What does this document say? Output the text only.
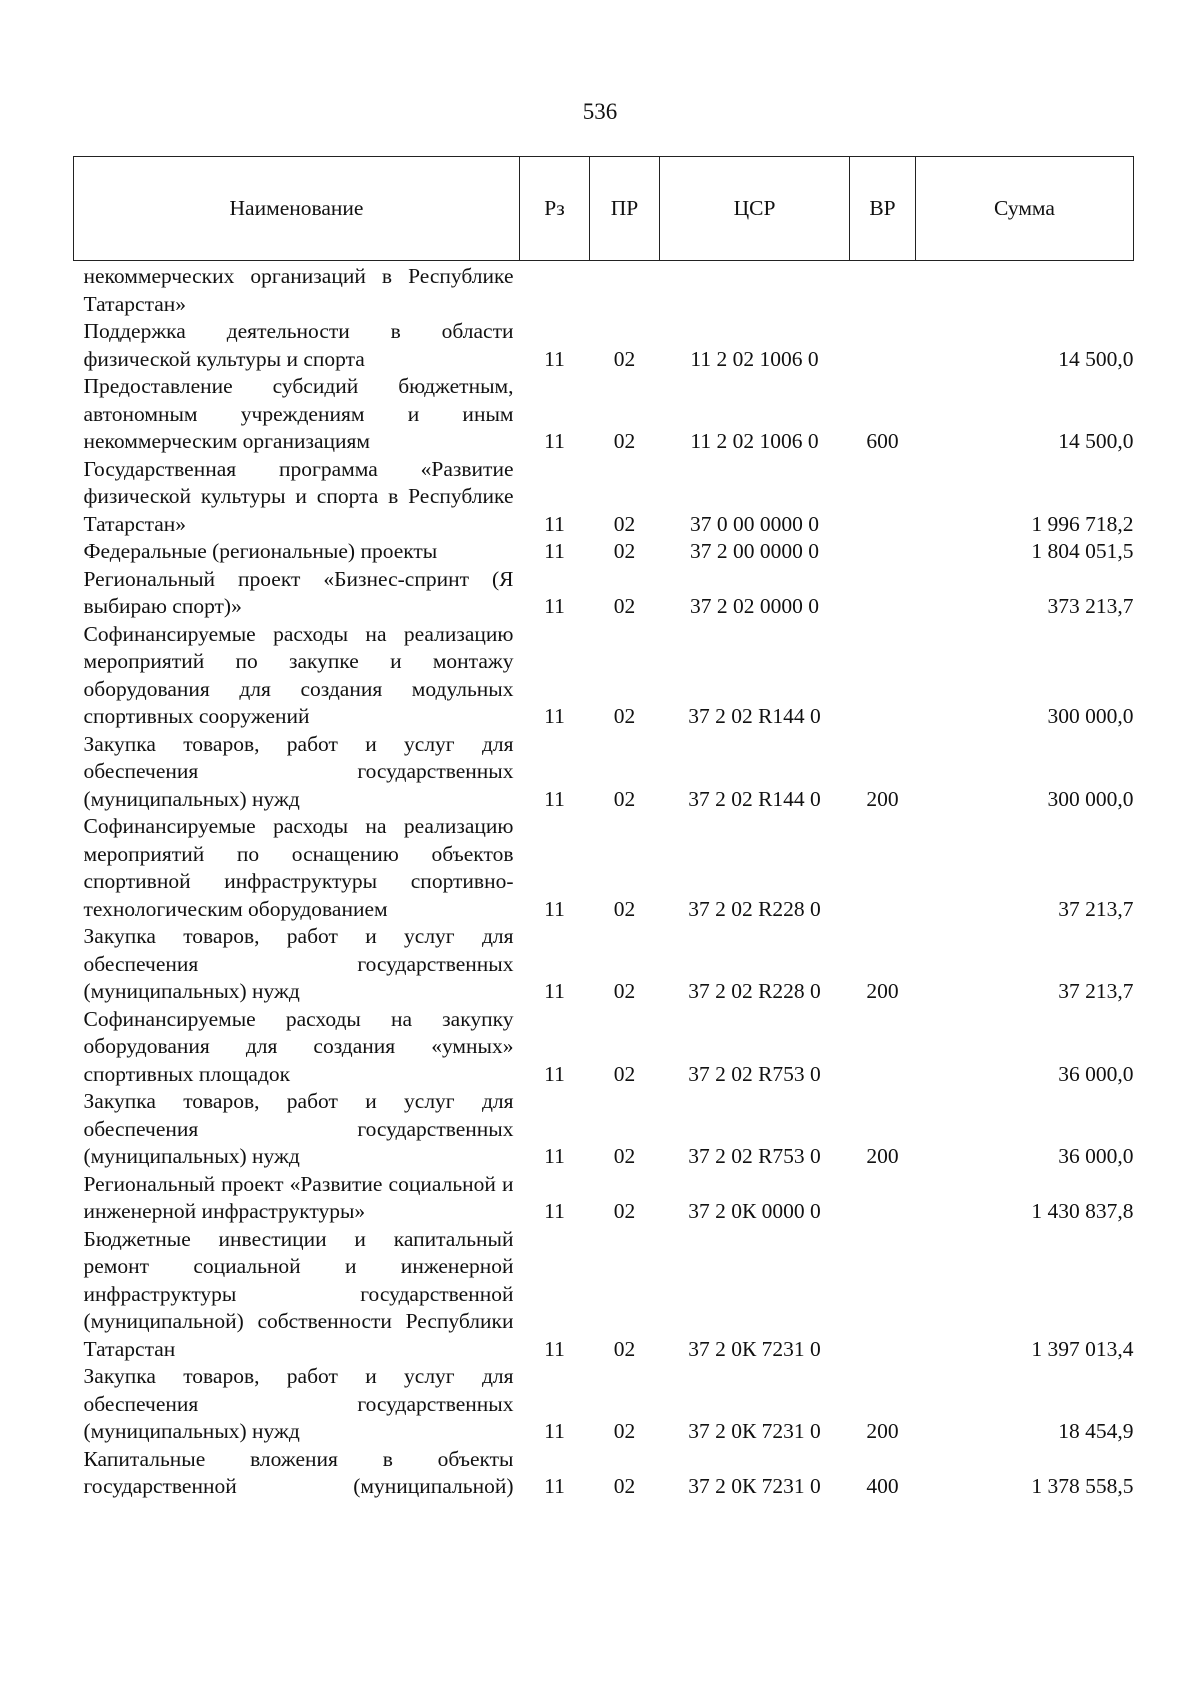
536
Наименование	Рз	ПР	ЦСР	ВР	Сумма

некоммерческих организаций в Республике Татарстан»					

Поддержка деятельности в области физической культуры и спорта	11	02	11 2 02 1006 0		14 500,0

Предоставление субсидий бюджетным, автономным учреждениям и иным некоммерческим организациям	11	02	11 2 02 1006 0	600	14 500,0

Государственная программа «Развитие физической культуры и спорта в Республике Татарстан»	11	02	37 0 00 0000 0		1 996 718,2

Федеральные (региональные) проекты	11	02	37 2 00 0000 0		1 804 051,5

Региональный проект «Бизнес-спринт (Я выбираю спорт)»	11	02	37 2 02 0000 0		373 213,7

Софинансируемые расходы на реализацию мероприятий по закупке и монтажу оборудования для создания модульных спортивных сооружений	11	02	37 2 02 R144 0		300 000,0

Закупка товаров, работ и услуг для обеспечения государственных (муниципальных) нужд	11	02	37 2 02 R144 0	200	300 000,0

Софинансируемые расходы на реализацию мероприятий по оснащению объектов спортивной инфраструктуры спортивно-технологическим оборудованием	11	02	37 2 02 R228 0		37 213,7

Закупка товаров, работ и услуг для обеспечения государственных (муниципальных) нужд	11	02	37 2 02 R228 0	200	37 213,7

Софинансируемые расходы на закупку оборудования для создания «умных» спортивных площадок	11	02	37 2 02 R753 0		36 000,0

Закупка товаров, работ и услуг для обеспечения государственных (муниципальных) нужд	11	02	37 2 02 R753 0	200	36 000,0

Региональный проект «Развитие социальной и инженерной инфраструктуры»	11	02	37 2 0К 0000 0		1 430 837,8

Бюджетные инвестиции и капитальный ремонт социальной и инженерной инфраструктуры государственной (муниципальной) собственности Республики Татарстан	11	02	37 2 0К 7231 0		1 397 013,4

Закупка товаров, работ и услуг для обеспечения государственных (муниципальных) нужд	11	02	37 2 0К 7231 0	200	18 454,9

Капитальные вложения в объекты государственной (муниципальной)	11	02	37 2 0К 7231 0	400	1 378 558,5
